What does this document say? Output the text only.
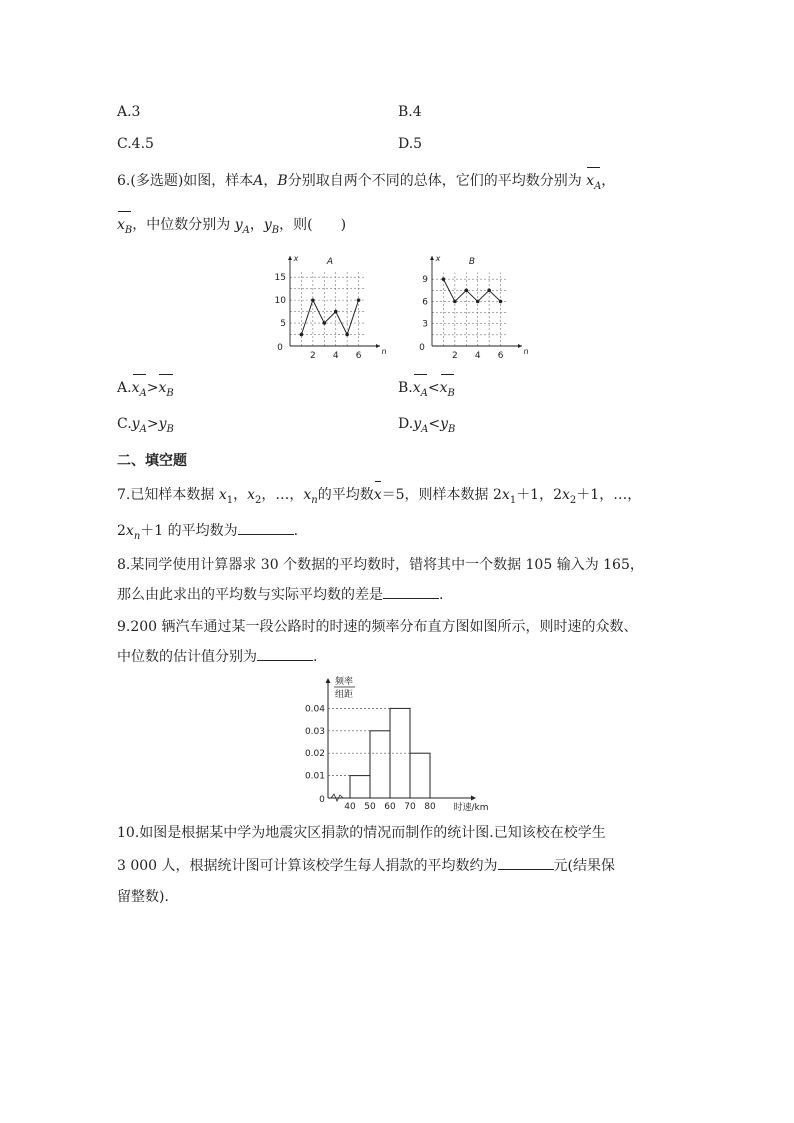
A.3	B.4
C.4.5	D.5
6.(多选题)如图，样本A，B分别取自两个不同的总体，它们的平均数分别为 $x_A$，
$x_B$，中位数分别为 $y_A$，$y_B$，则(　　)
0	n
x	A
2 4 6
5
10
15
0	n
x	B
2 4 6
3
6
9
$A.x_A>x_B$	$B.x_A<x_B$
$C.y_A>y_B$	$D.y_A<y_B$
二、填空题
7.已知样本数据 $x_1$，$x_2$，…，$x_n$的平均数x＝5，则样本数据 $2x_1+1$，$2x_2+1$，…，
$2x_n+1$ 的平均数为	.
8.某同学使用计算器求 30 个数据的平均数时，错将其中一个数据 105 输入为 165，
那么由此求出的平均数与实际平均数的差是	.
9.200 辆汽车通过某一段公路时的时速的频率分布直方图如图所示，则时速的众数、
中位数的估计值分别为	.
0
频率
组距
0.01
0.02
0.03
0.04
40 50 60 70 80 时速/km
10.如图是根据某中学为地震灾区捐款的情况而制作的统计图.已知该校在校学生
3 000 人，根据统计图可计算该校学生每人捐款的平均数约为	元(结果保
留整数).
